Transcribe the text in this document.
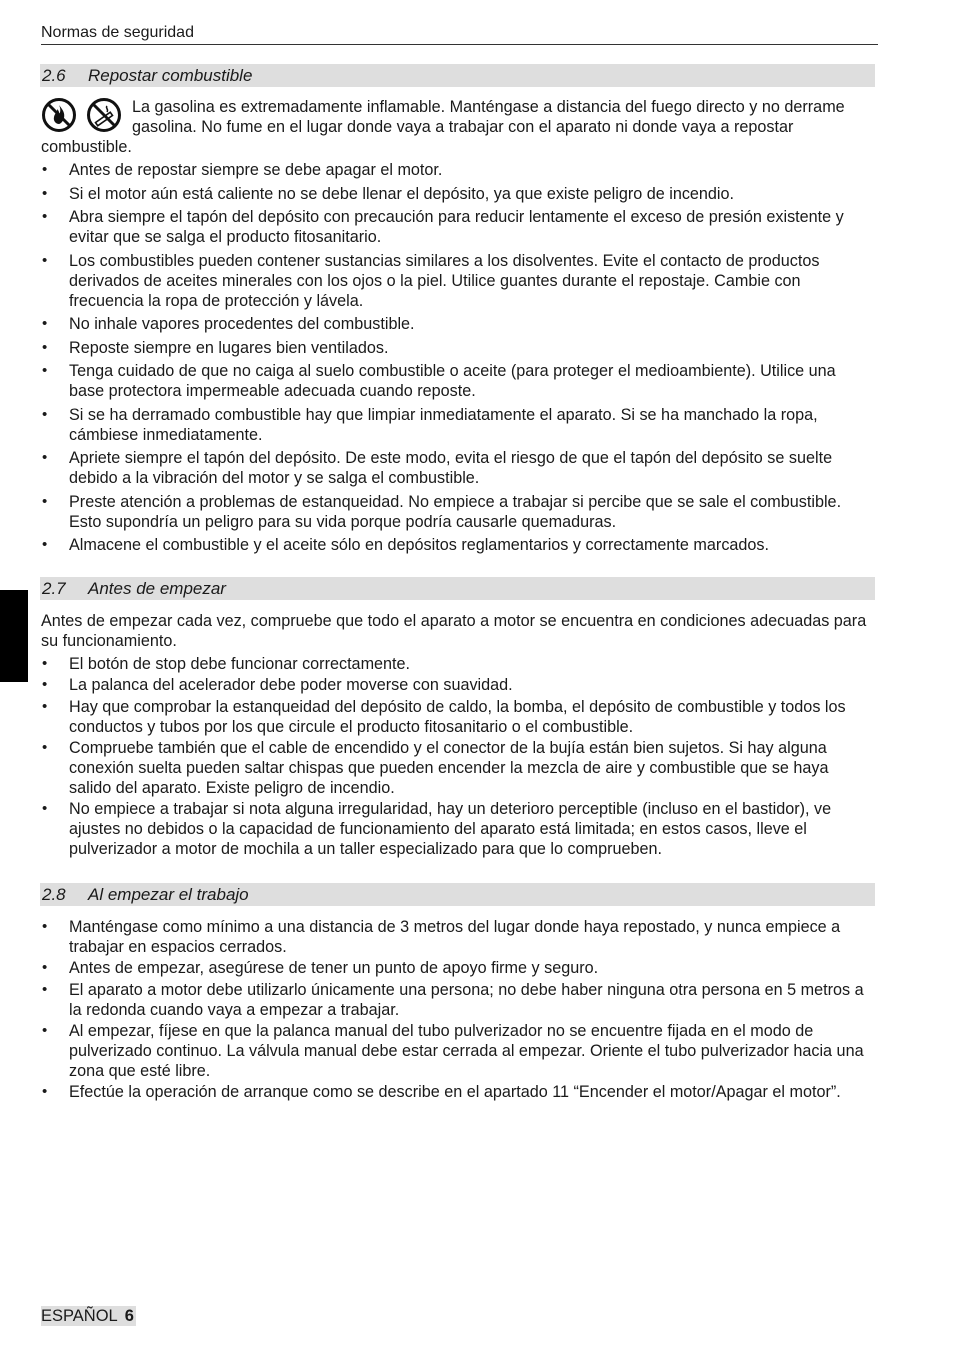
Normas de seguridad
2.6 Repostar combustible

La gasolina es extremadamente inflamable. Manténgase a distancia del fuego directo y no derrame gasolina. No fume en el lugar donde vaya a trabajar con el aparato ni donde vaya a repostar combustible.

• Antes de repostar siempre se debe apagar el motor.
• Si el motor aún está caliente no se debe llenar el depósito, ya que existe peligro de incendio.
• Abra siempre el tapón del depósito con precaución para reducir lentamente el exceso de presión existente y evitar que se salga el producto fitosanitario.
• Los combustibles pueden contener sustancias similares a los disolventes. Evite el contacto de productos derivados de aceites minerales con los ojos o la piel. Utilice guantes durante el repostaje. Cambie con frecuencia la ropa de protección y lávela.
• No inhale vapores procedentes del combustible.
• Reposte siempre en lugares bien ventilados.
• Tenga cuidado de que no caiga al suelo combustible o aceite (para proteger el medioambiente). Utilice una base protectora impermeable adecuada cuando reposte.
• Si se ha derramado combustible hay que limpiar inmediatamente el aparato. Si se ha manchado la ropa, cámbiese inmediatamente.
• Apriete siempre el tapón del depósito. De este modo, evita el riesgo de que el tapón del depósito se suelte debido a la vibración del motor y se salga el combustible.
• Preste atención a problemas de estanqueidad. No empiece a trabajar si percibe que se sale el combustible. Esto supondría un peligro para su vida porque podría causarle quemaduras.
• Almacene el combustible y el aceite sólo en depósitos reglamentarios y correctamente marcados.
2.7 Antes de empezar

Antes de empezar cada vez, compruebe que todo el aparato a motor se encuentra en condiciones adecuadas para su funcionamiento.

• El botón de stop debe funcionar correctamente.
• La palanca del acelerador debe poder moverse con suavidad.
• Hay que comprobar la estanqueidad del depósito de caldo, la bomba, el depósito de combustible y todos los conductos y tubos por los que circule el producto fitosanitario o el combustible.
• Compruebe también que el cable de encendido y el conector de la bujía están bien sujetos. Si hay alguna conexión suelta pueden saltar chispas que pueden encender la mezcla de aire y combustible que se haya salido del aparato. Existe peligro de incendio.
• No empiece a trabajar si nota alguna irregularidad, hay un deterioro perceptible (incluso en el bastidor), ve ajustes no debidos o la capacidad de funcionamiento del aparato está limitada; en estos casos, lleve el pulverizador a motor de mochila a un taller especializado para que lo comprueben.
2.8 Al empezar el trabajo
• Manténgase como mínimo a una distancia de 3 metros del lugar donde haya repostado, y nunca empiece a trabajar en espacios cerrados.
• Antes de empezar, asegúrese de tener un punto de apoyo firme y seguro.
• El aparato a motor debe utilizarlo únicamente una persona; no debe haber ninguna otra persona en 5 metros a la redonda cuando vaya a empezar a trabajar.
• Al empezar, fíjese en que la palanca manual del tubo pulverizador no se encuentre fijada en el modo de pulverizado continuo. La válvula manual debe estar cerrada al empezar. Oriente el tubo pulverizador hacia una zona que esté libre.
• Efectúe la operación de arranque como se describe en el apartado 11 “Encender el motor/Apagar el motor”.
ESPAÑOL 6
